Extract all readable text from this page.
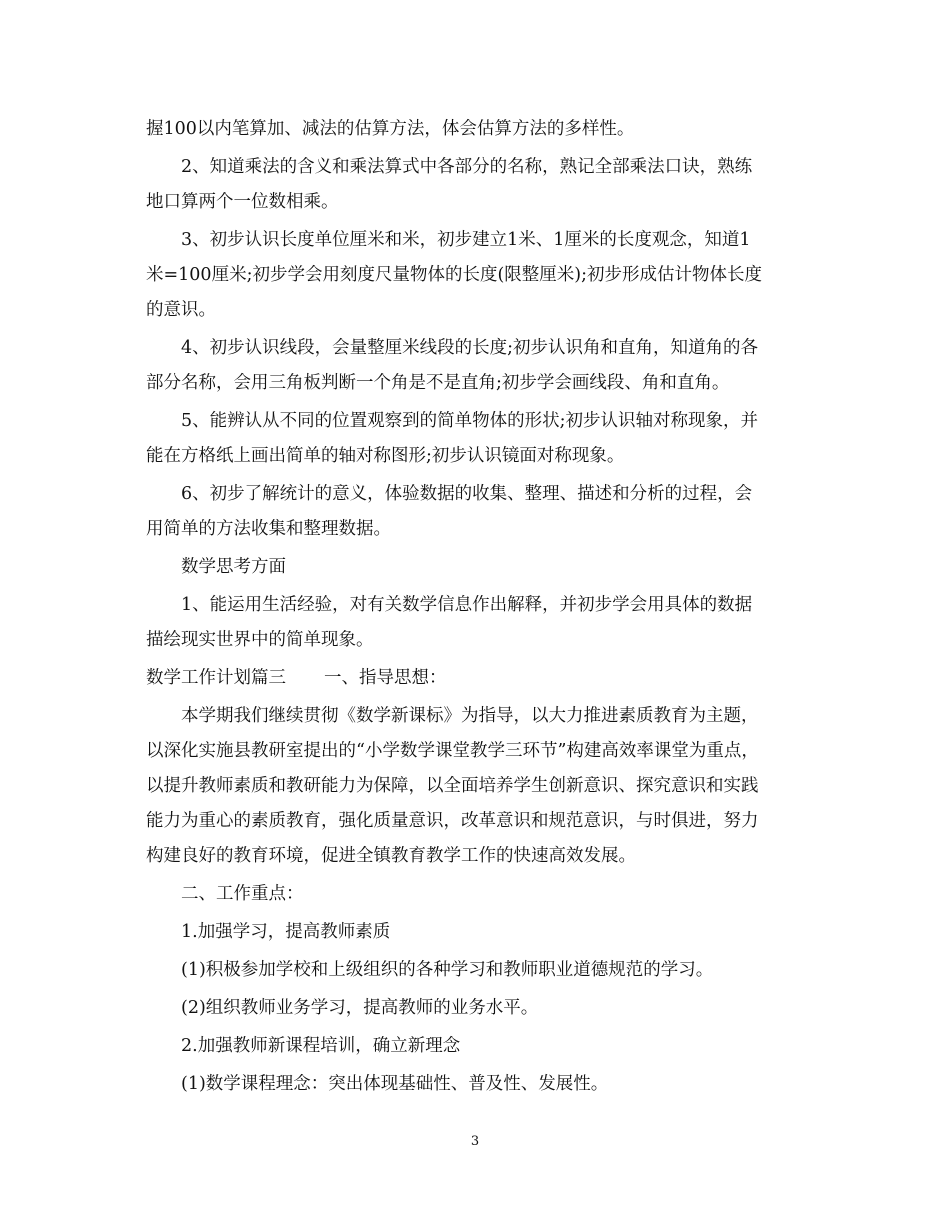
握100以内笔算加、减法的估算方法，体会估算方法的多样性。

2、知道乘法的含义和乘法算式中各部分的名称，熟记全部乘法口诀，熟练

地口算两个一位数相乘。

3、初步认识长度单位厘米和米，初步建立1米、1厘米的长度观念，知道1

米=100厘米;初步学会用刻度尺量物体的长度(限整厘米);初步形成估计物体长度

的意识。

4、初步认识线段，会量整厘米线段的长度;初步认识角和直角，知道角的各

部分名称，会用三角板判断一个角是不是直角;初步学会画线段、角和直角。

5、能辨认从不同的位置观察到的简单物体的形状;初步认识轴对称现象，并

能在方格纸上画出简单的轴对称图形;初步认识镜面对称现象。

6、初步了解统计的意义，体验数据的收集、整理、描述和分析的过程，会

用简单的方法收集和整理数据。

数学思考方面

1、能运用生活经验，对有关数学信息作出解释，并初步学会用具体的数据

描绘现实世界中的简单现象。

数学工作计划篇三 一、指导思想：

本学期我们继续贯彻《数学新课标》为指导，以大力推进素质教育为主题，

以深化实施县教研室提出的“小学数学课堂教学三环节”构建高效率课堂为重点，

以提升教师素质和教研能力为保障，以全面培养学生创新意识、探究意识和实践

能力为重心的素质教育，强化质量意识，改革意识和规范意识，与时俱进，努力

构建良好的教育环境，促进全镇教育教学工作的快速高效发展。

二、工作重点：

1.加强学习，提高教师素质

(1)积极参加学校和上级组织的各种学习和教师职业道德规范的学习。

(2)组织教师业务学习，提高教师的业务水平。

2.加强教师新课程培训，确立新理念

(1)数学课程理念：突出体现基础性、普及性、发展性。

3
